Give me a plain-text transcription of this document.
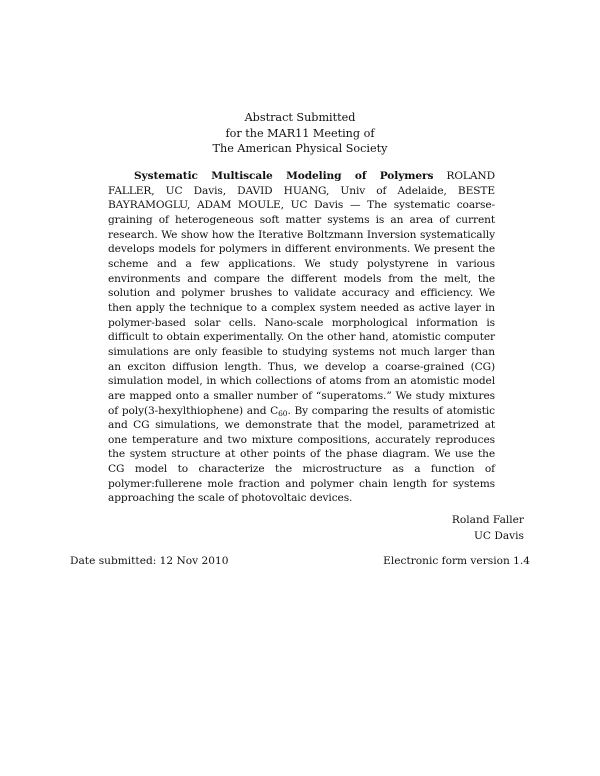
Abstract Submitted
for the MAR11 Meeting of
The American Physical Society
Systematic Multiscale Modeling of Polymers ROLAND FALLER, UC Davis, DAVID HUANG, Univ of Adelaide, BESTE BAYRAMOGLU, ADAM MOULE, UC Davis — The systematic coarse-graining of heterogeneous soft matter systems is an area of current research. We show how the Iterative Boltzmann Inversion systematically develops models for polymers in different environments. We present the scheme and a few applications. We study polystyrene in various environments and compare the different models from the melt, the solution and polymer brushes to validate accuracy and efficiency. We then apply the technique to a complex system needed as active layer in polymer-based solar cells. Nano-scale morphological information is difficult to obtain experimentally. On the other hand, atomistic computer simulations are only feasible to studying systems not much larger than an exciton diffusion length. Thus, we develop a coarse-grained (CG) simulation model, in which collections of atoms from an atomistic model are mapped onto a smaller number of “superatoms.” We study mixtures of poly(3-hexylthiophene) and $C_{60}$. By comparing the results of atomistic and CG simulations, we demonstrate that the model, parametrized at one temperature and two mixture compositions, accurately reproduces the system structure at other points of the phase diagram. We use the CG model to characterize the microstructure as a function of polymer:fullerene mole fraction and polymer chain length for systems approaching the scale of photovoltaic devices.
Roland Faller
UC Davis
Date submitted: 12 Nov 2010	Electronic form version 1.4
